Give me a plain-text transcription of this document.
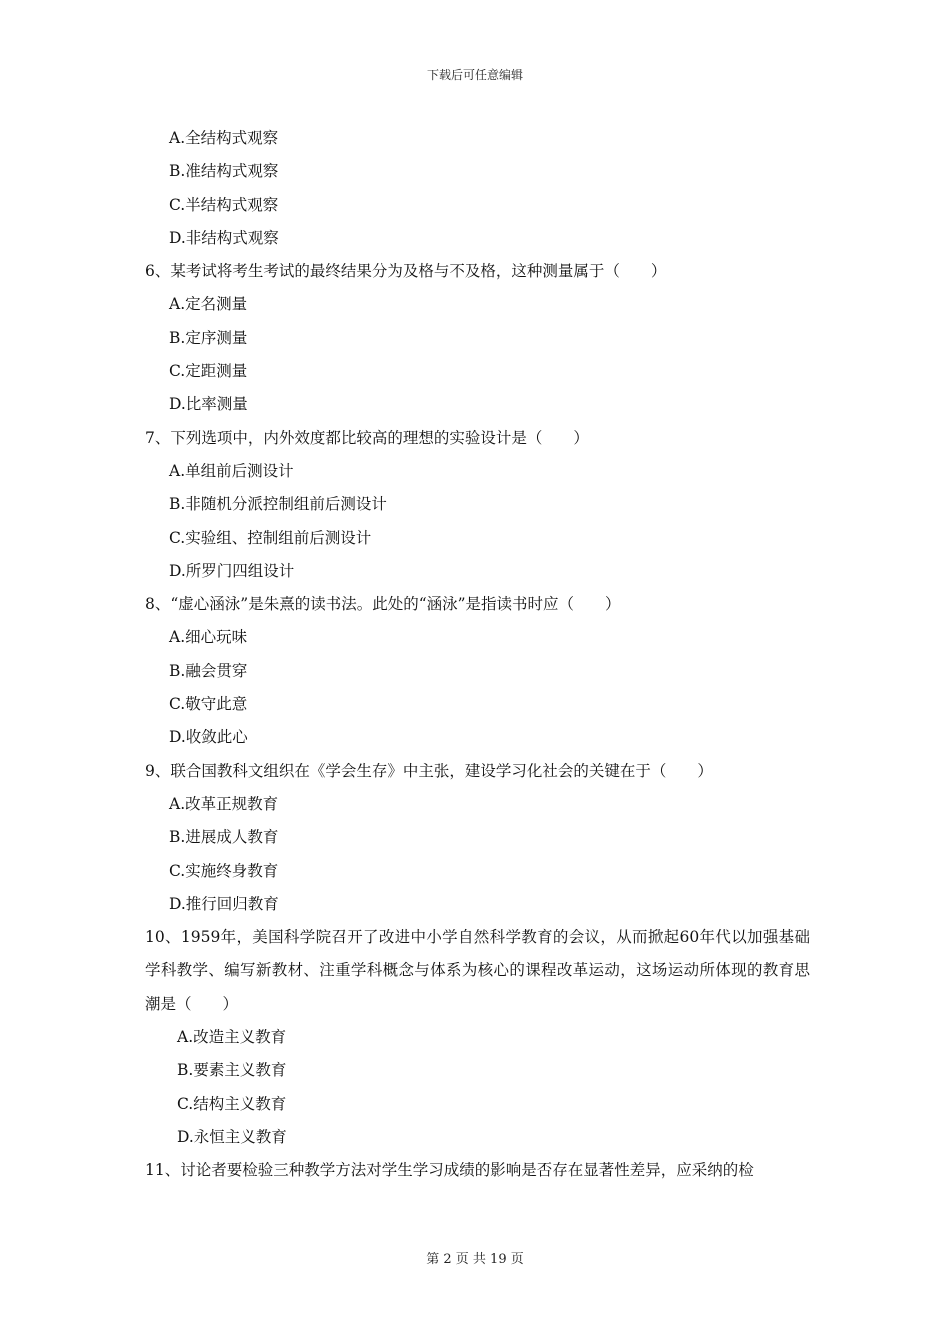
下载后可任意编辑
A.全结构式观察
B.准结构式观察
C.半结构式观察
D.非结构式观察
6、某考试将考生考试的最终结果分为及格与不及格，这种测量属于（　　）
A.定名测量
B.定序测量
C.定距测量
D.比率测量
7、下列选项中，内外效度都比较高的理想的实验设计是（　　）
A.单组前后测设计
B.非随机分派控制组前后测设计
C.实验组、控制组前后测设计
D.所罗门四组设计
8、“虚心涵泳”是朱熹的读书法。此处的“涵泳”是指读书时应（　　）
A.细心玩味
B.融会贯穿
C.敬守此意
D.收敛此心
9、联合国教科文组织在《学会生存》中主张，建设学习化社会的关键在于（　　）
A.改革正规教育
B.进展成人教育
C.实施终身教育
D.推行回归教育
10、1959年，美国科学院召开了改进中小学自然科学教育的会议，从而掀起60年代以加强基础学科教学、编写新教材、注重学科概念与体系为核心的课程改革运动，这场运动所体现的教育思潮是（　　）
A.改造主义教育
B.要素主义教育
C.结构主义教育
D.永恒主义教育
11、讨论者要检验三种教学方法对学生学习成绩的影响是否存在显著性差异，应采纳的检
第 2 页 共 19 页
